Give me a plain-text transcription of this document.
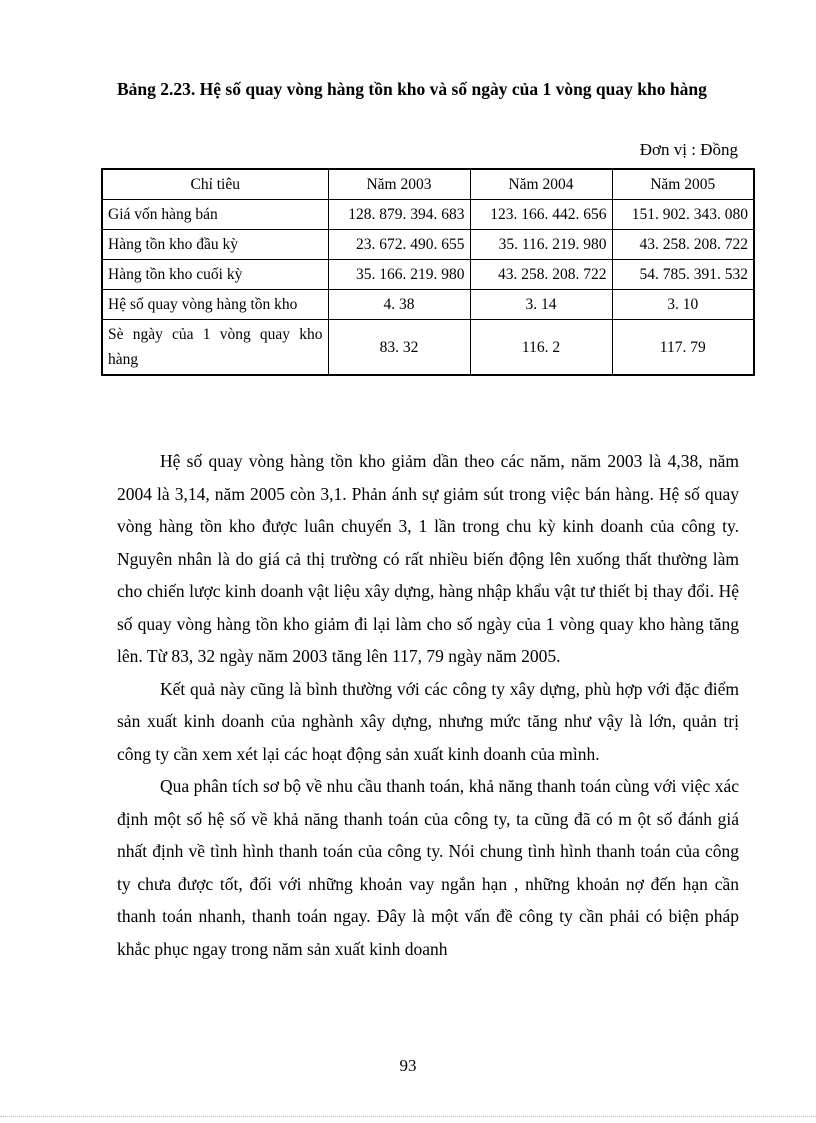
Bảng 2.23. Hệ số quay vòng hàng tồn kho và số ngày của 1 vòng quay kho hàng
Đơn vị : Đồng
Chỉ tiêu	Năm 2003	Năm 2004	Năm 2005
Giá vốn hàng bán	128. 879. 394. 683	123. 166. 442. 656	151. 902. 343. 080
Hàng tồn kho đầu kỳ	23. 672. 490. 655	35. 116. 219. 980	43. 258. 208. 722
Hàng tồn kho cuối kỳ	35. 166. 219. 980	43. 258. 208. 722	54. 785. 391. 532
Hệ số quay vòng hàng tồn kho	4. 38	3. 14	3. 10
Sè ngày của 1 vòng quay kho hàng	83. 32	116. 2	117. 79

Hệ số quay vòng hàng tồn kho giảm dần theo các năm, năm 2003 là 4,38, năm 2004 là 3,14, năm 2005 còn 3,1. Phản ánh sự giảm sút trong việc bán hàng. Hệ số quay vòng hàng tồn kho được luân chuyển 3, 1 lần trong chu kỳ kinh doanh của công ty. Nguyên nhân là do giá cả thị trường có rất nhiều biến động lên xuống thất thường làm cho chiến lược kinh doanh vật liệu xây dựng, hàng nhập khẩu vật tư thiết bị thay đổi. Hệ số quay vòng hàng tồn kho giảm đi lại làm cho số ngày của 1 vòng quay kho hàng tăng lên. Từ 83, 32 ngày năm 2003 tăng lên 117, 79 ngày năm 2005.

Kết quả này cũng là bình thường với các công ty xây dựng, phù hợp với đặc điểm sản xuất kinh doanh của nghành xây dựng, nhưng mức tăng như vậy là lớn, quản trị công ty cần xem xét lại các hoạt động sản xuất kinh doanh của mình.

Qua phân tích sơ bộ về nhu cầu thanh toán, khả năng thanh toán cùng với việc xác định một số hệ số về khả năng thanh toán của công ty, ta cũng đã có m ột số đánh giá nhất định về tình hình thanh toán của công ty. Nói chung tình hình thanh toán của công ty chưa được tốt, đối với những khoản vay ngắn hạn , những khoản nợ đến hạn cần thanh toán nhanh, thanh toán ngay. Đây là một vấn đề công ty cần phải có biện pháp khắc phục ngay trong năm sản xuất kinh doanh

93
